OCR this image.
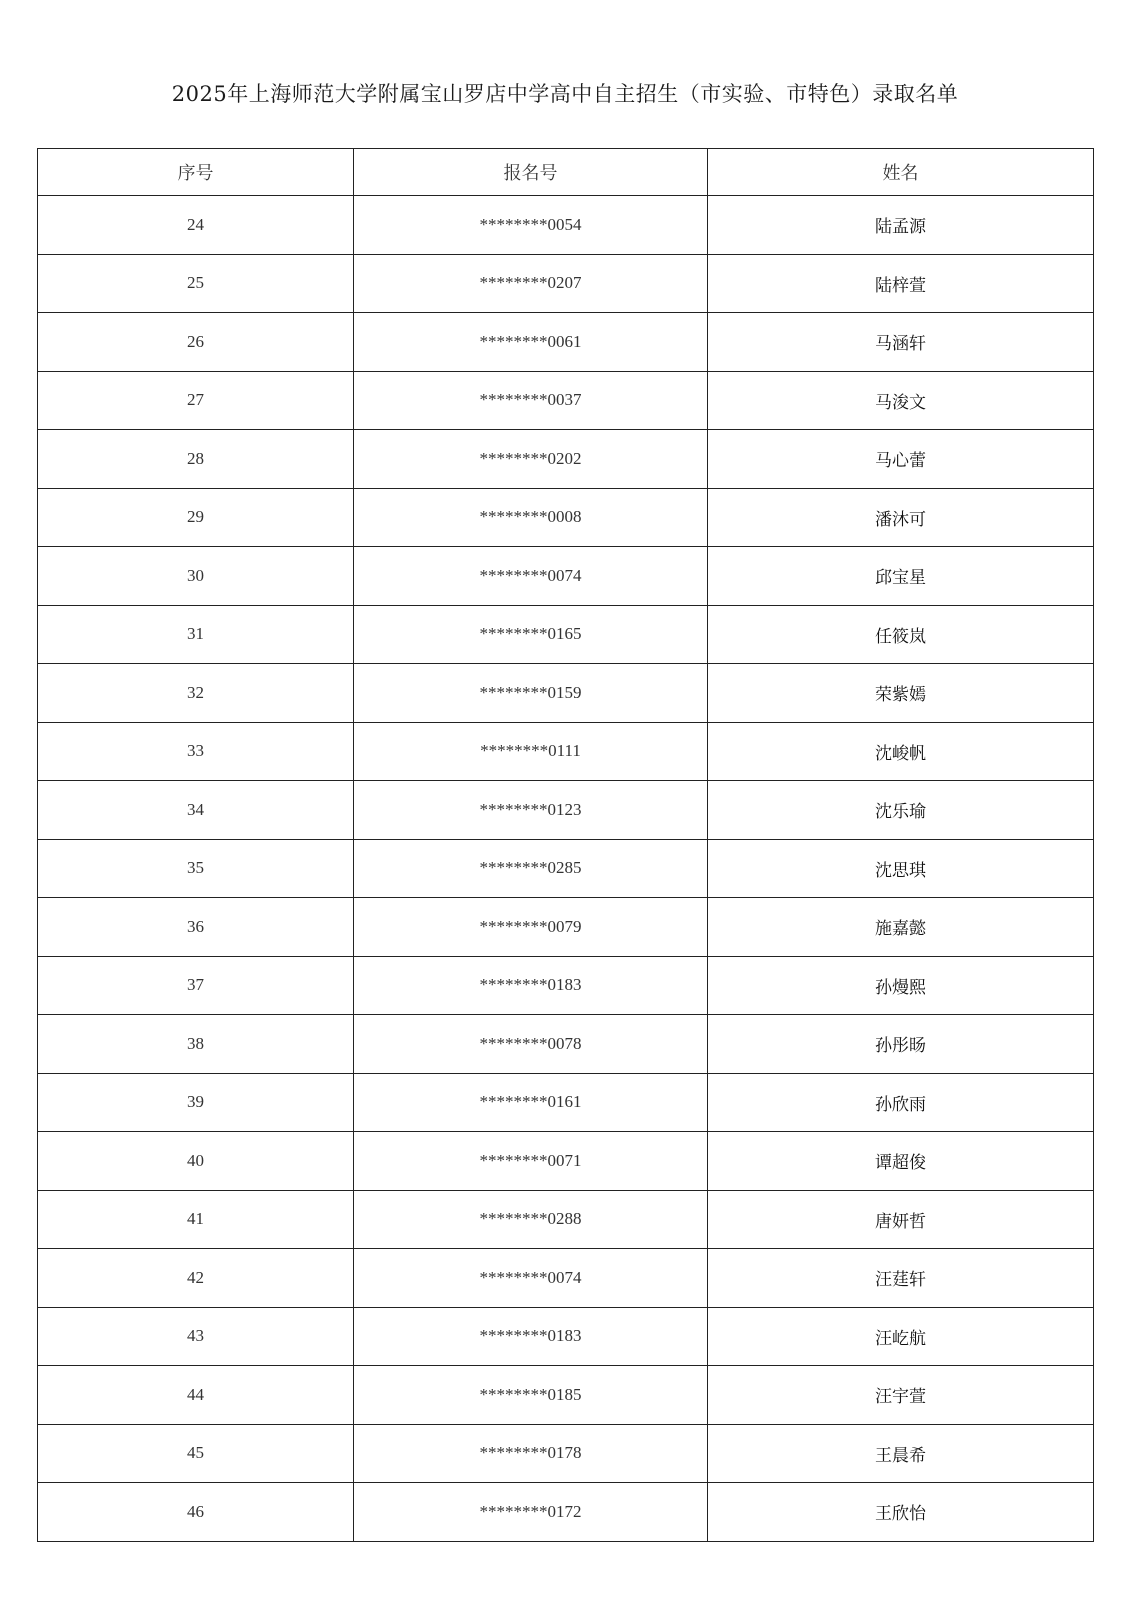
2025年上海师范大学附属宝山罗店中学高中自主招生（市实验、市特色）录取名单
序号	报名号	姓名
24	********0054	陆孟源
25	********0207	陆梓萱
26	********0061	马涵轩
27	********0037	马浚文
28	********0202	马心蕾
29	********0008	潘沐可
30	********0074	邱宝星
31	********0165	任筱岚
32	********0159	荣紫嫣
33	********0111	沈峻帆
34	********0123	沈乐瑜
35	********0285	沈思琪
36	********0079	施嘉懿
37	********0183	孙熳熙
38	********0078	孙彤旸
39	********0161	孙欣雨
40	********0071	谭超俊
41	********0288	唐妍哲
42	********0074	汪莛轩
43	********0183	汪屹航
44	********0185	汪宇萱
45	********0178	王晨希
46	********0172	王欣怡
